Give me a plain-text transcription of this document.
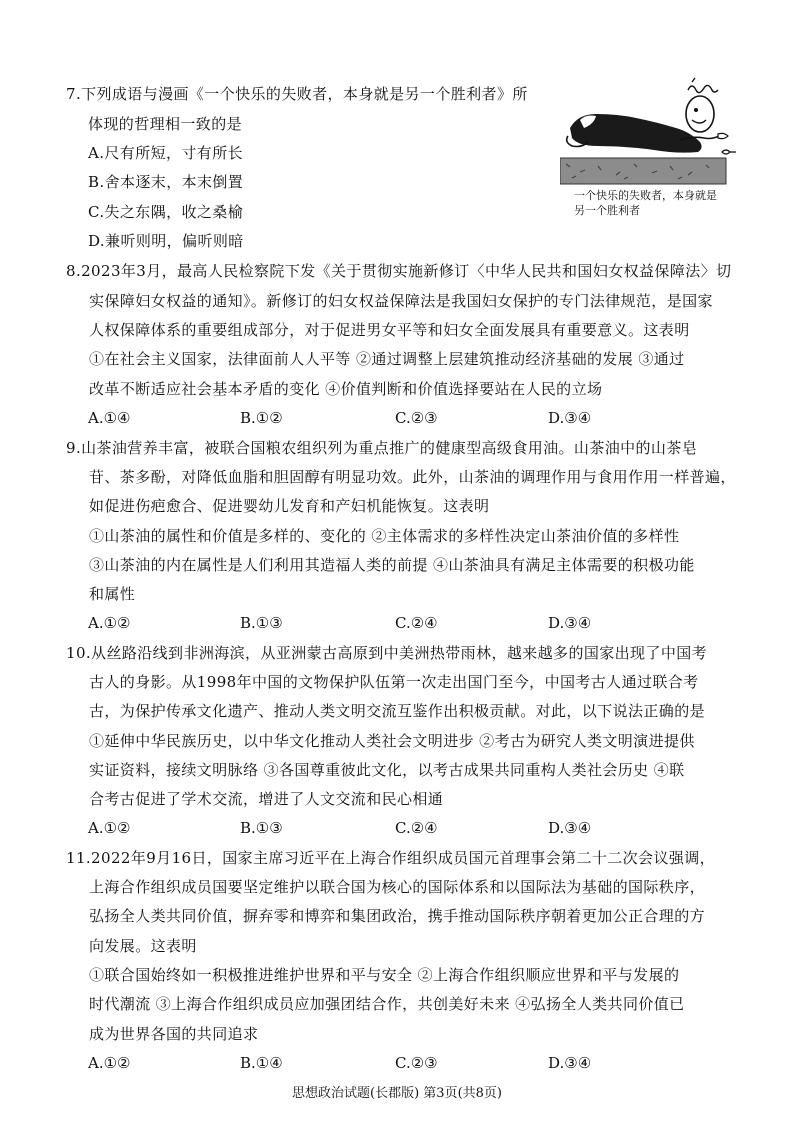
7.下列成语与漫画《一个快乐的失败者，本身就是另一个胜利者》所
体现的哲理相一致的是
A.尺有所短，寸有所长
B.舍本逐末，本末倒置
C.失之东隅，收之桑榆
D.兼听则明，偏听则暗
一个快乐的失败者，本身就是
另一个胜利者
8.2023年3月，最高人民检察院下发《关于贯彻实施新修订〈中华人民共和国妇女权益保障法〉切
实保障妇女权益的通知》。新修订的妇女权益保障法是我国妇女保护的专门法律规范，是国家
人权保障体系的重要组成部分，对于促进男女平等和妇女全面发展具有重要意义。这表明
①在社会主义国家，法律面前人人平等 ②通过调整上层建筑推动经济基础的发展 ③通过
改革不断适应社会基本矛盾的变化 ④价值判断和价值选择要站在人民的立场
A.①④	B.①②	C.②③	D.③④
9.山茶油营养丰富，被联合国粮农组织列为重点推广的健康型高级食用油。山茶油中的山茶皂
苷、茶多酚，对降低血脂和胆固醇有明显功效。此外，山茶油的调理作用与食用作用一样普遍，
如促进伤疤愈合、促进婴幼儿发育和产妇机能恢复。这表明
①山茶油的属性和价值是多样的、变化的 ②主体需求的多样性决定山茶油价值的多样性
③山茶油的内在属性是人们利用其造福人类的前提 ④山茶油具有满足主体需要的积极功能
和属性
A.①②	B.①③	C.②④	D.③④
10.从丝路沿线到非洲海滨，从亚洲蒙古高原到中美洲热带雨林，越来越多的国家出现了中国考
古人的身影。从1998年中国的文物保护队伍第一次走出国门至今，中国考古人通过联合考
古，为保护传承文化遗产、推动人类文明交流互鉴作出积极贡献。对此，以下说法正确的是
①延伸中华民族历史，以中华文化推动人类社会文明进步 ②考古为研究人类文明演进提供
实证资料，接续文明脉络 ③各国尊重彼此文化，以考古成果共同重构人类社会历史 ④联
合考古促进了学术交流，增进了人文交流和民心相通
A.①②	B.①③	C.②④	D.③④
11.2022年9月16日，国家主席习近平在上海合作组织成员国元首理事会第二十二次会议强调，
上海合作组织成员国要坚定维护以联合国为核心的国际体系和以国际法为基础的国际秩序，
弘扬全人类共同价值，摒弃零和博弈和集团政治，携手推动国际秩序朝着更加公正合理的方
向发展。这表明
①联合国始终如一积极推进维护世界和平与安全 ②上海合作组织顺应世界和平与发展的
时代潮流 ③上海合作组织成员应加强团结合作，共创美好未来 ④弘扬全人类共同价值已
成为世界各国的共同追求
A.①②	B.①④	C.②③	D.③④
思想政治试题(长郡版) 第3页(共8页)
